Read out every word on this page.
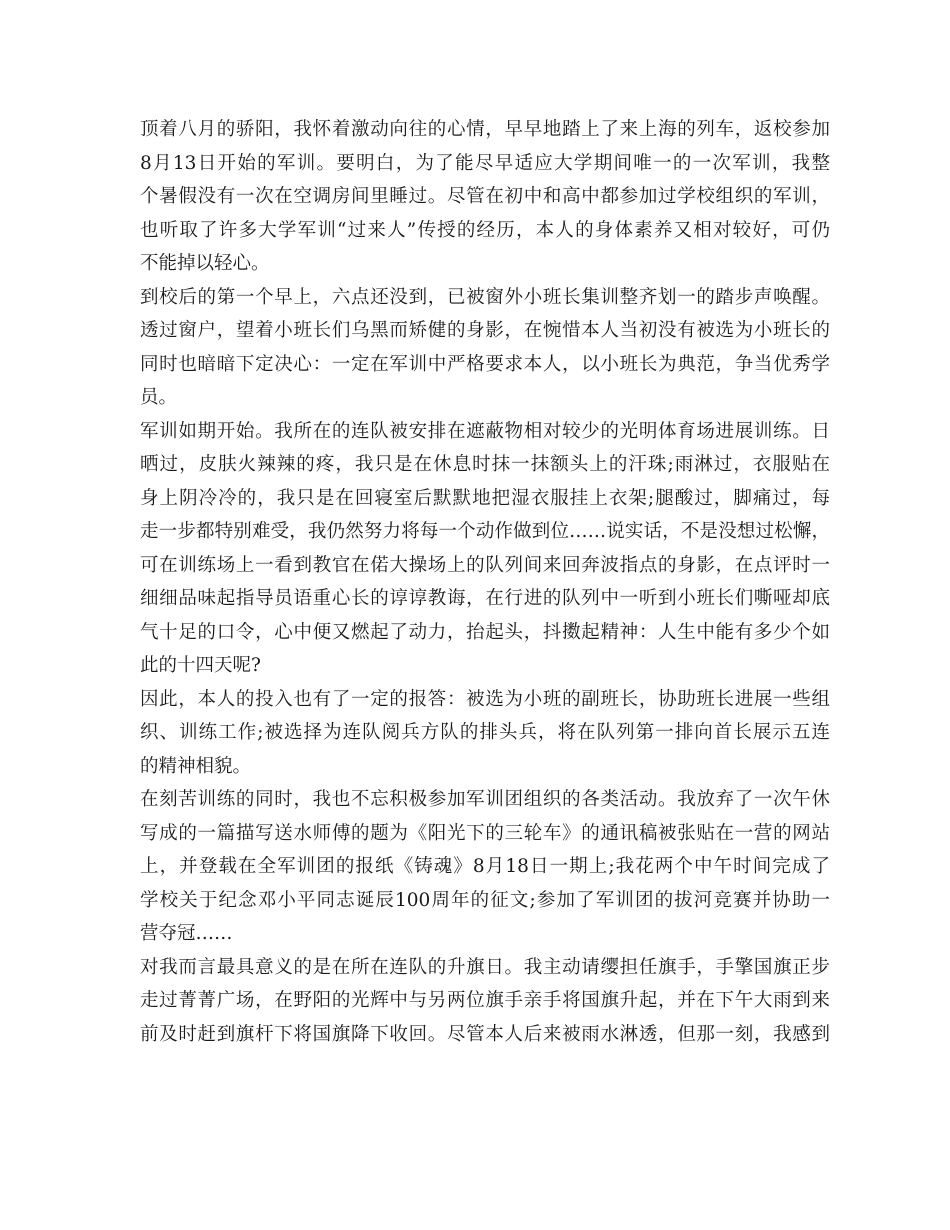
顶着八月的骄阳，我怀着激动向往的心情，早早地踏上了来上海的列车，返校参加
8月13日开始的军训。要明白，为了能尽早适应大学期间唯一的一次军训，我整
个暑假没有一次在空调房间里睡过。尽管在初中和高中都参加过学校组织的军训，
也听取了许多大学军训“过来人”传授的经历，本人的身体素养又相对较好，可仍
不能掉以轻心。
到校后的第一个早上，六点还没到，已被窗外小班长集训整齐划一的踏步声唤醒。
透过窗户，望着小班长们乌黑而矫健的身影，在惋惜本人当初没有被选为小班长的
同时也暗暗下定决心：一定在军训中严格要求本人，以小班长为典范，争当优秀学
员。
军训如期开始。我所在的连队被安排在遮蔽物相对较少的光明体育场进展训练。日
晒过，皮肤火辣辣的疼，我只是在休息时抹一抹额头上的汗珠;雨淋过，衣服贴在
身上阴冷冷的，我只是在回寝室后默默地把湿衣服挂上衣架;腿酸过，脚痛过，每
走一步都特别难受，我仍然努力将每一个动作做到位……说实话，不是没想过松懈，
可在训练场上一看到教官在偌大操场上的队列间来回奔波指点的身影，在点评时一
细细品味起指导员语重心长的谆谆教诲，在行进的队列中一听到小班长们嘶哑却底
气十足的口令，心中便又燃起了动力，抬起头，抖擞起精神：人生中能有多少个如
此的十四天呢?
因此，本人的投入也有了一定的报答：被选为小班的副班长，协助班长进展一些组
织、训练工作;被选择为连队阅兵方队的排头兵，将在队列第一排向首长展示五连
的精神相貌。
在刻苦训练的同时，我也不忘积极参加军训团组织的各类活动。我放弃了一次午休
写成的一篇描写送水师傅的题为《阳光下的三轮车》的通讯稿被张贴在一营的网站
上，并登载在全军训团的报纸《铸魂》8月18日一期上;我花两个中午时间完成了
学校关于纪念邓小平同志诞辰100周年的征文;参加了军训团的拔河竞赛并协助一
营夺冠……
对我而言最具意义的是在所在连队的升旗日。我主动请缨担任旗手，手擎国旗正步
走过菁菁广场，在野阳的光辉中与另两位旗手亲手将国旗升起，并在下午大雨到来
前及时赶到旗杆下将国旗降下收回。尽管本人后来被雨水淋透，但那一刻，我感到
